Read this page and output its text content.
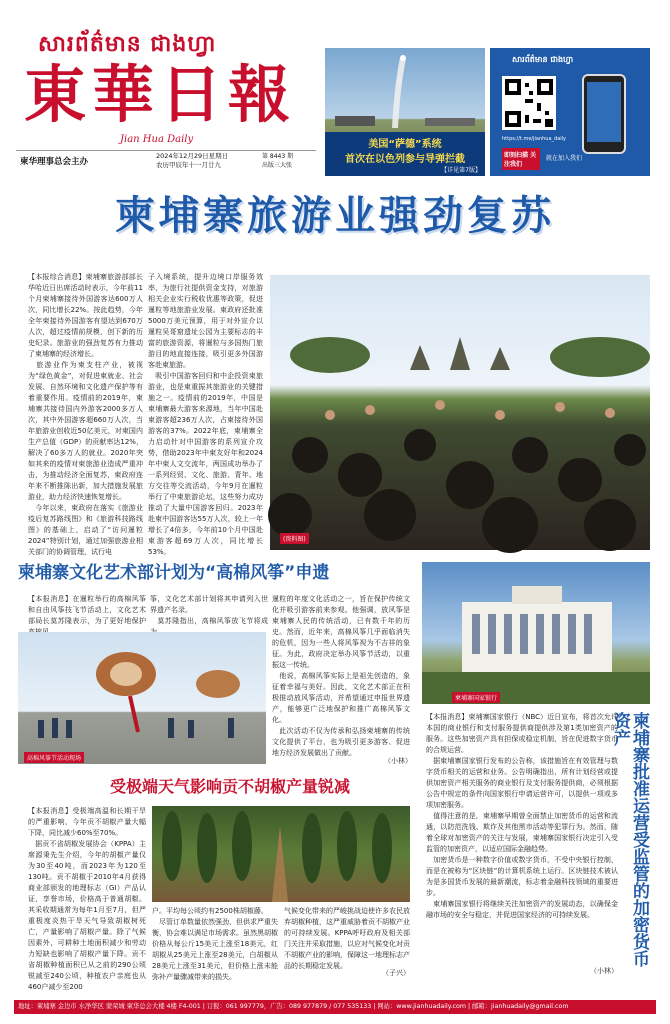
សារព័ត៌មាន ជាងហ្វា
東華日報
Jian Hua Daily
柬华理事总会主办
2024年12月29日星期日
农历甲辰年十一月廿九
第 8443 期
出版三大张
美国“萨德”系统
首次在以色列参与导弹拦截
【详见第7版】
សារព័ត៌មាន ជាងហ្វា
https://t.me/jianhua_daily
即刻扫描 关注我们
就在加入我们
柬埔寨旅游业强劲复苏
【本报综合消息】柬埔寨旅游部部长华哈近日出席活动时表示，今年前11个月柬埔寨接待外国游客达600万人次，同比增长22%。按此趋势，今年全年柬接待外国游客有望达到670万人次，超过疫情前规模，创下新的历史纪录。旅游业的强劲复苏有力推动了柬埔寨的经济增长。
　旅游业作为柬支柱产业，被视为“绿色黄金”，对促进柬就业、社会发展、自然环境和文化遗产保护等有着重要作用。疫情前的2019年，柬埔寨共接待国内外游客2000多万人次，其中外国游客超660万人次，当年旅游业创收近50亿美元，对柬国内生产总值（GDP）的贡献率达12%，解决了60多万人的就业。2020年突如其来的疫情对柬旅游业造成严重冲击，为推动经济全面复苏，柬政府连年来不断推陈出新，加大措施发展旅游业，助力经济快速恢复增长。
　今年以来，柬政府在落实《旅游业疫后复苏路线图》和《旅游科技路线图》的基础上，启动了“访问暹粒2024”特别计划，通过加强旅游业相关部门的协调管理，试行电
子入境系统，提升边境口岸服务效率，为旅行社提供资金支持，对旅游相关企业实行税收优惠等政策，促进暹粒等地旅游业发展。柬政府还批准5000万美元预算，用于对外宣介以暹粒吴哥窟遗址公园为主要标志的丰富的旅游资源，将暹粒与多国热门旅游目的地直接连接，吸引更多外国游客赴柬旅游。
　吸引中国游客回归和中企投资柬旅游业，也是柬重振其旅游业的关键措施之一。疫情前的2019年，中国是柬埔寨最大游客来源地，当年中国赴柬游客超236万人次，占柬接待外国游客的37%。2022年底，柬埔寨全力启动针对中国游客的系列宣介攻势，借助2023年中柬友好年和2024年中柬人文交流年，两国成功举办了一系列经贸、文化、旅游、青年、地方交往等交流活动，今年9月在暹粒举行了中柬旅游论坛，这些努力成功推动了大量中国游客回归。2023年赴柬中国游客达55万人次，较上一年增长了4倍多，今年前10个月中国赴柬游客超69万人次，同比增长53%。
(资料图)
柬埔寨文化艺术部计划为“高棉风筝”申遗
【本报消息】在暹粒举行的高棉风筝和自由风筝技飞节活动上，文化艺术部局长莫苏隆表示，为了更好地保护
筝，文化艺术部计划将其申请列入世界遗产名录。
　莫苏隆指出，高棉风筝放飞节将成
暹粒的年度文化活动之一，旨在保护传统文化并吸引游客前来参观。他强调，放风筝是柬埔寨人民的传统活动，已有数千年的历史。然而，近年来，高棉风筝几乎面临消失的危机，因为一些人将风筝视为不吉祥的象征。为此，政府决定举办风筝节活动，以重振这一传统。
　他说，高棉风筝实际上是祖先创造的，象征着幸福与美好。因此，文化艺术部正在积极推动放风筝活动，并希望通过申报世界遗产，能够更广泛地保护和推广高棉风筝文化。
　此次活动不仅为传承和弘扬柬埔寨的传统文化提供了平台，也为吸引更多游客、促进地方经济发展做出了贡献。
（小林）
高棉风筝节活动现场
柬埔寨国家银行
柬埔寨批准运营受监管的加密货币资产
【本报消息】柬埔寨国家银行（NBC）近日宣布，将首次允许本国的商业银行和支付服务提供商提供涉及第1类加密资产的服务。这些加密资产具有担保或稳定机制，旨在促进数字货币的合规运营。
　据柬埔寨国家银行发布的公告称，该措施旨在有效管理与数字货币相关的运营和业务。公告明确指出，所有计划经营或提供加密资产相关服务的商业银行及支付服务提供商，必须根据公告中规定的条件向国家银行申请运营许可，以提供一项或多项加密服务。
　值得注意的是，柬埔寨早期曾全面禁止加密货币的运营和流通，以防范洗钱、欺诈及其他黑市活动等犯罪行为。然而，随着全球对加密资产的关注与发展，柬埔寨国家银行决定引入受监管的加密资产，以适应国际金融趋势。
　加密货币是一种数字价值或数字货币，不受中央银行控制，而是在被称为“区块链”的计算机系统上运行。区块链技术被认为是多国货币发展的最新潮流，标志着金融科技领域的重要进步。
　柬埔寨国家银行将继续关注加密资产的发展动态，以确保金融市场的安全与稳定，并促进国家经济的可持续发展。
（小林）
受极端天气影响贡不胡椒产量锐减
【本报消息】受极端高温和长期干旱的严重影响，今年贡不胡椒产量大幅下降，同比减少60%至70%。
　据贡不省胡椒发展协会（KPPA）主席源秉先生介绍，今年的胡椒产量仅为30至40吨，而2023年为120至130吨。贡不胡椒于2010年4月获得商业部颁发的地理标志（GI）产品认证，享誉市场，价格高于普通胡椒。其采收期通常为每年1月至7月，但严重极度炎热干旱天气导致胡椒树死亡，产量影响了胡椒产量。除了气候因素外，可耕种土地面积减少和劳动力短缺也影响了胡椒产量下降。贡不省胡椒种植面积已从之前的290公顷锐减至240公顷，种植农户亲庭也从460户减少至200
户。平均每公顷约有2500株胡椒藤。
　尽管订单数量依然强劲，但供求严重失衡，协会难以满足市场需求。虽然黑胡椒价格从每公斤15美元上涨至18美元，红胡椒从25美元上涨至28美元，白胡椒从28美元上涨至31美元，但价格上涨未能弥补产量骤减带来的损失。
气候变化带来的严峻挑战迫使许多农民放弃胡椒种植，这严重威胁着贡不胡椒产业的可持续发展。KPPA呼吁政府及相关部门关注并采取措施，以应对气候变化对贡不胡椒产业的影响，保障这一地理标志产品的长期稳定发展。
（子兴）
地址：柬埔寨 金边市 水净华区 蒙荣城 柬华总会大楼 4楼 F4-001 | 订报：061 997779，广告：089 977879 / 077 535133 | 网站：www.jianhuadaily.com | 邮箱：jianhuadaily@gmail.com
